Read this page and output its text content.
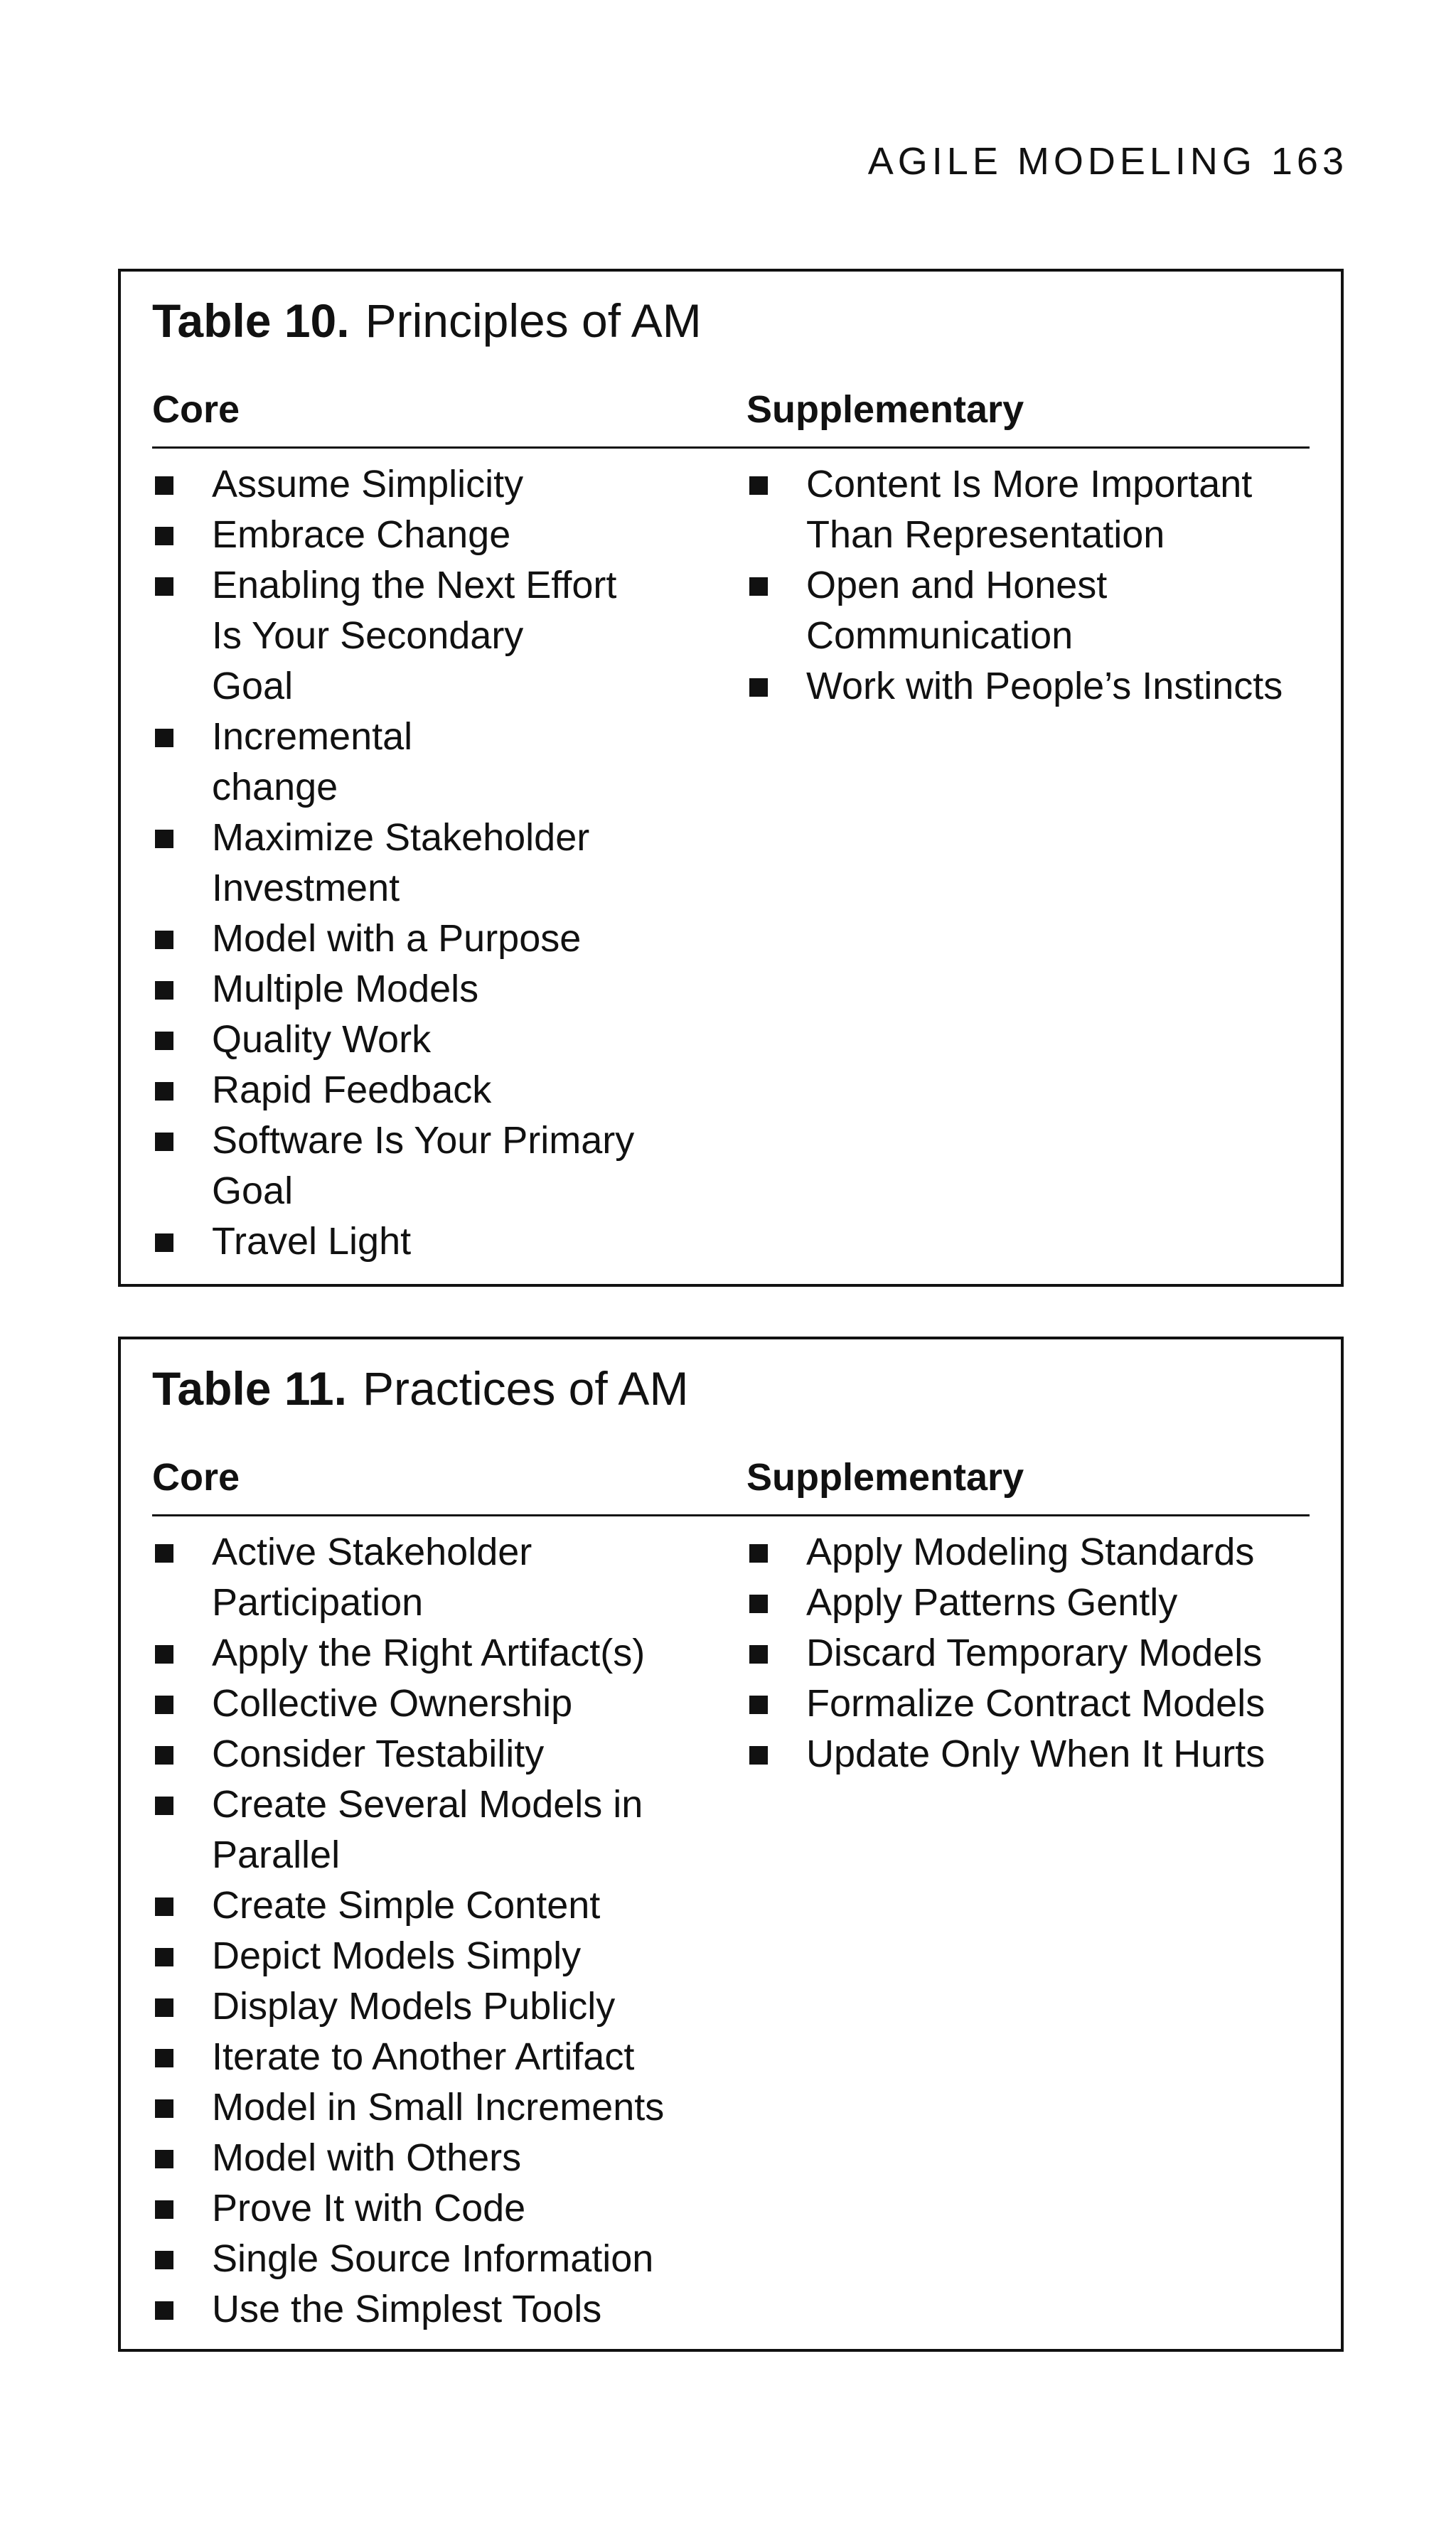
AGILE MODELING 163
Table 10. Principles of AM
Core	Supplementary
Assume Simplicity
Embrace Change
Enabling the Next Effort
Is Your Secondary
Goal
Incremental
change
Maximize Stakeholder
Investment
Model with a Purpose
Multiple Models
Quality Work
Rapid Feedback
Software Is Your Primary
Goal
Travel Light
Content Is More Important
Than Representation
Open and Honest
Communication
Work with People’s Instincts
Table 11. Practices of AM
Core	Supplementary
Active Stakeholder
Participation
Apply the Right Artifact(s)
Collective Ownership
Consider Testability
Create Several Models in
Parallel
Create Simple Content
Depict Models Simply
Display Models Publicly
Iterate to Another Artifact
Model in Small Increments
Model with Others
Prove It with Code
Single Source Information
Use the Simplest Tools
Apply Modeling Standards
Apply Patterns Gently
Discard Temporary Models
Formalize Contract Models
Update Only When It Hurts
